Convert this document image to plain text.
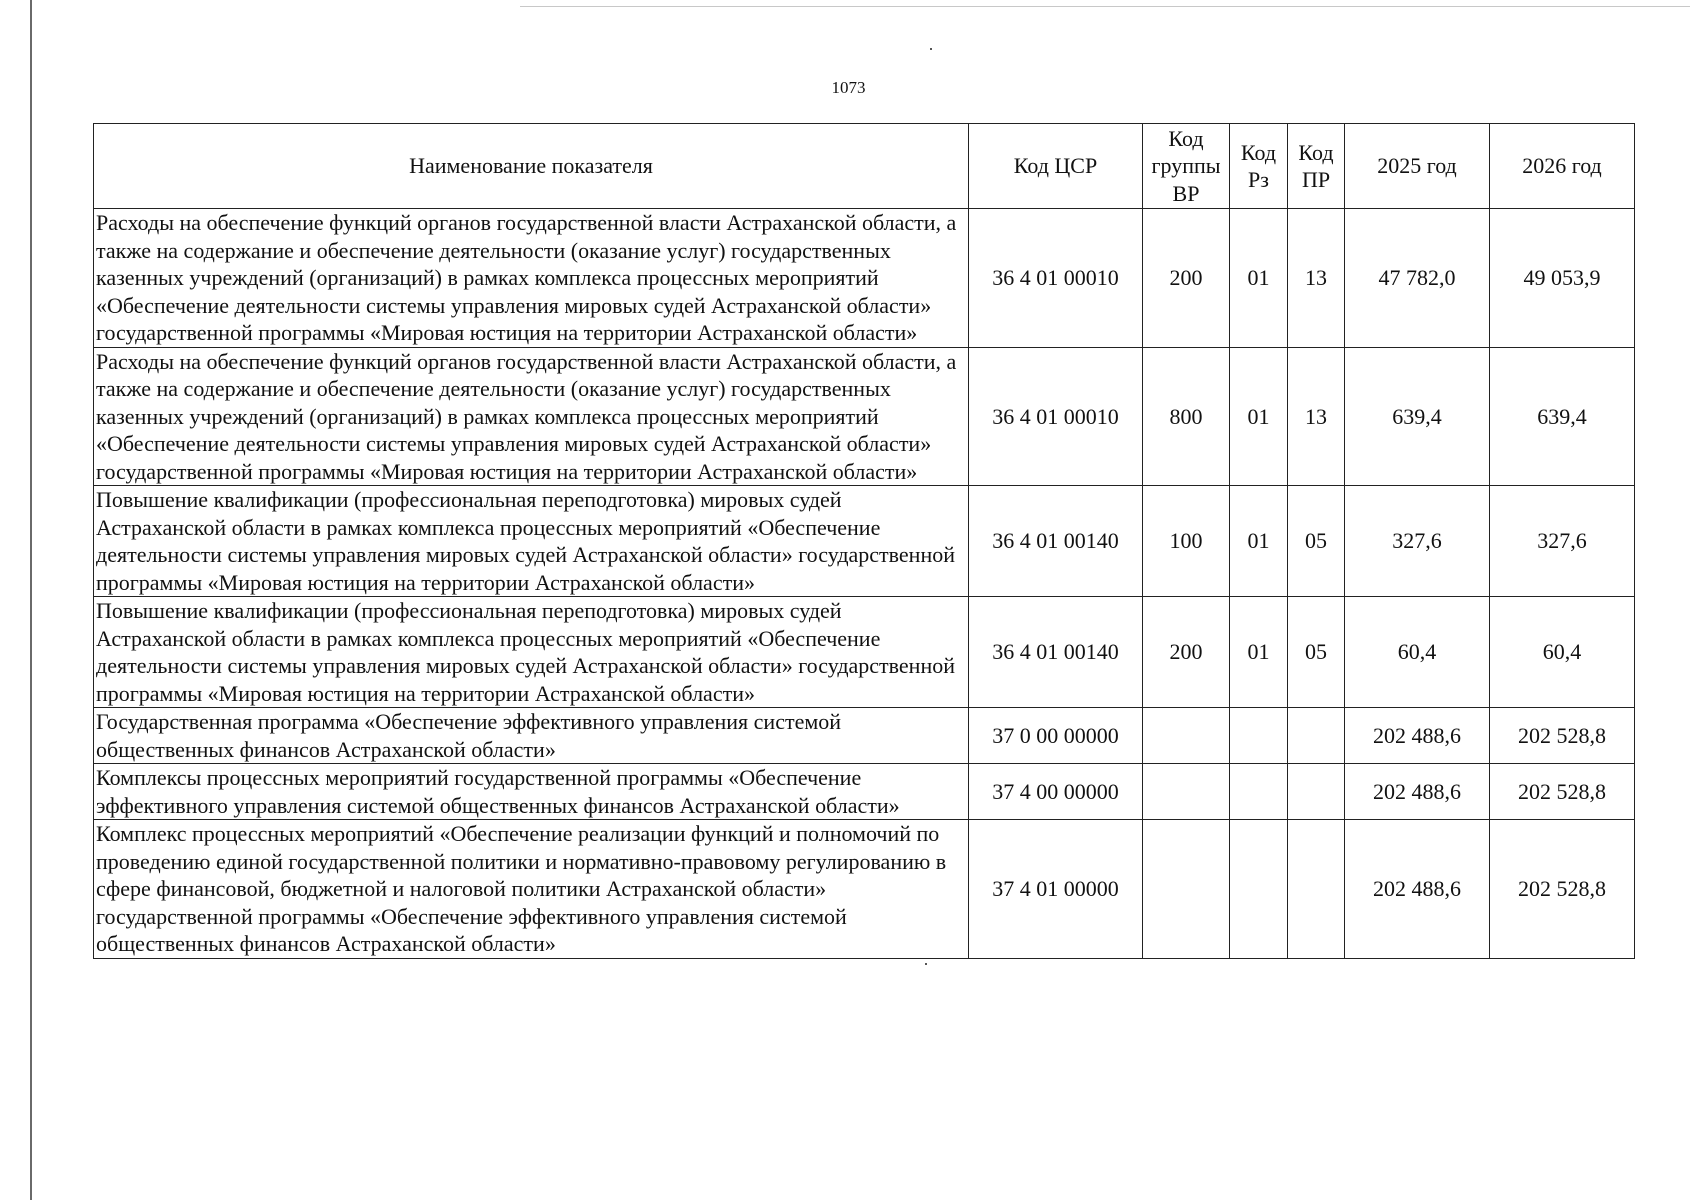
1073
Наименование показателя	Код ЦСР	Код группы ВР	Код Рз	Код ПР	2025 год	2026 год
Расходы на обеспечение функций органов государственной власти Астраханской области, а также на содержание и обеспечение деятельности (оказание услуг) государственных казенных учреждений (организаций) в рамках комплекса процессных мероприятий «Обеспечение деятельности системы управления мировых судей Астраханской области» государственной программы «Мировая юстиция на территории Астраханской области»	36 4 01 00010	200	01	13	47 782,0	49 053,9
Расходы на обеспечение функций органов государственной власти Астраханской области, а также на содержание и обеспечение деятельности (оказание услуг) государственных казенных учреждений (организаций) в рамках комплекса процессных мероприятий «Обеспечение деятельности системы управления мировых судей Астраханской области» государственной программы «Мировая юстиция на территории Астраханской области»	36 4 01 00010	800	01	13	639,4	639,4
Повышение квалификации (профессиональная переподготовка) мировых судей Астраханской области в рамках комплекса процессных мероприятий «Обеспечение деятельности системы управления мировых судей Астраханской области» государственной программы «Мировая юстиция на территории Астраханской области»	36 4 01 00140	100	01	05	327,6	327,6
Повышение квалификации (профессиональная переподготовка) мировых судей Астраханской области в рамках комплекса процессных мероприятий «Обеспечение деятельности системы управления мировых судей Астраханской области» государственной программы «Мировая юстиция на территории Астраханской области»	36 4 01 00140	200	01	05	60,4	60,4
Государственная программа «Обеспечение эффективного управления системой общественных финансов Астраханской области»	37 0 00 00000				202 488,6	202 528,8
Комплексы процессных мероприятий государственной программы «Обеспечение эффективного управления системой общественных финансов Астраханской области»	37 4 00 00000				202 488,6	202 528,8
Комплекс процессных мероприятий «Обеспечение реализации функций и полномочий по проведению единой государственной политики и нормативно-правовому регулированию в сфере финансовой, бюджетной и налоговой политики Астраханской области» государственной программы «Обеспечение эффективного управления системой общественных финансов Астраханской области»	37 4 01 00000				202 488,6	202 528,8
